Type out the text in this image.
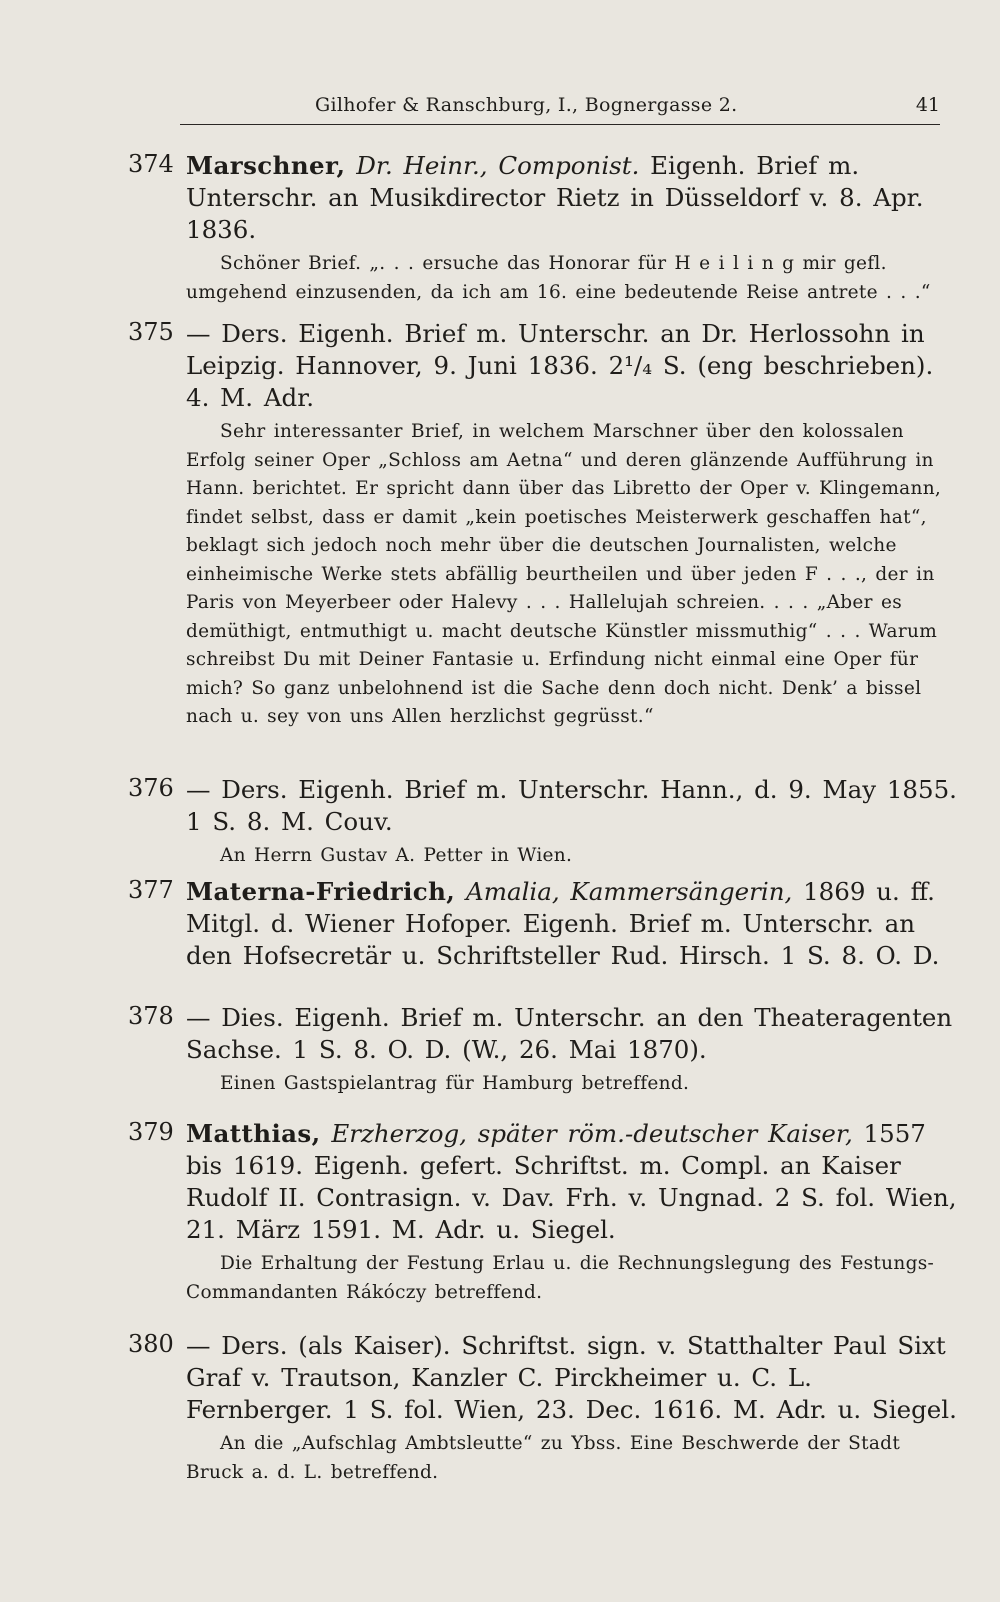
Gilhofer & Ranschburg, I., Bognergasse 2.	41
374 Marschner, Dr. Heinr., Componist. Eigenh. Brief m. Unterschr. an Musikdirector Rietz in Düsseldorf v. 8. Apr. 1836.
Schöner Brief. „. . . ersuche das Honorar für H e i l i n g mir gefl. umgehend einzusenden, da ich am 16. eine bedeutende Reise antrete . . .“
375 — Ders. Eigenh. Brief m. Unterschr. an Dr. Herlossohn in Leipzig. Hannover, 9. Juni 1836. 2¹/₄ S. (eng beschrieben). 4. M. Adr.
Sehr interessanter Brief, in welchem Marschner über den kolossalen Erfolg seiner Oper „Schloss am Aetna“ und deren glänzende Aufführung in Hann. berichtet. Er spricht dann über das Libretto der Oper v. Klingemann, findet selbst, dass er damit „kein poetisches Meisterwerk geschaffen hat“, beklagt sich jedoch noch mehr über die deutschen Journalisten, welche einheimische Werke stets abfällig beurtheilen und über jeden F . . ., der in Paris von Meyerbeer oder Halevy . . . Hallelujah schreien. . . . „Aber es demüthigt, entmuthigt u. macht deutsche Künstler missmuthig“ . . . Warum schreibst Du mit Deiner Fantasie u. Erfindung nicht einmal eine Oper für mich? So ganz unbelohnend ist die Sache denn doch nicht. Denk’ a bissel nach u. sey von uns Allen herzlichst gegrüsst.“
376 — Ders. Eigenh. Brief m. Unterschr. Hann., d. 9. May 1855. 1 S. 8. M. Couv.
An Herrn Gustav A. Petter in Wien.
377 Materna-Friedrich, Amalia, Kammersängerin, 1869 u. ff. Mitgl. d. Wiener Hofoper. Eigenh. Brief m. Unterschr. an den Hofsecretär u. Schriftsteller Rud. Hirsch. 1 S. 8. O. D.
378 — Dies. Eigenh. Brief m. Unterschr. an den Theateragenten Sachse. 1 S. 8. O. D. (W., 26. Mai 1870).
Einen Gastspielantrag für Hamburg betreffend.
379 Matthias, Erzherzog, später röm.-deutscher Kaiser, 1557 bis 1619. Eigenh. gefert. Schriftst. m. Compl. an Kaiser Rudolf II. Contrasign. v. Dav. Frh. v. Ungnad. 2 S. fol. Wien, 21. März 1591. M. Adr. u. Siegel.
Die Erhaltung der Festung Erlau u. die Rechnungslegung des Festungs-Commandanten Rákóczy betreffend.
380 — Ders. (als Kaiser). Schriftst. sign. v. Statthalter Paul Sixt Graf v. Trautson, Kanzler C. Pirckheimer u. C. L. Fernberger. 1 S. fol. Wien, 23. Dec. 1616. M. Adr. u. Siegel.
An die „Aufschlag Ambtsleutte“ zu Ybss. Eine Beschwerde der Stadt Bruck a. d. L. betreffend.
